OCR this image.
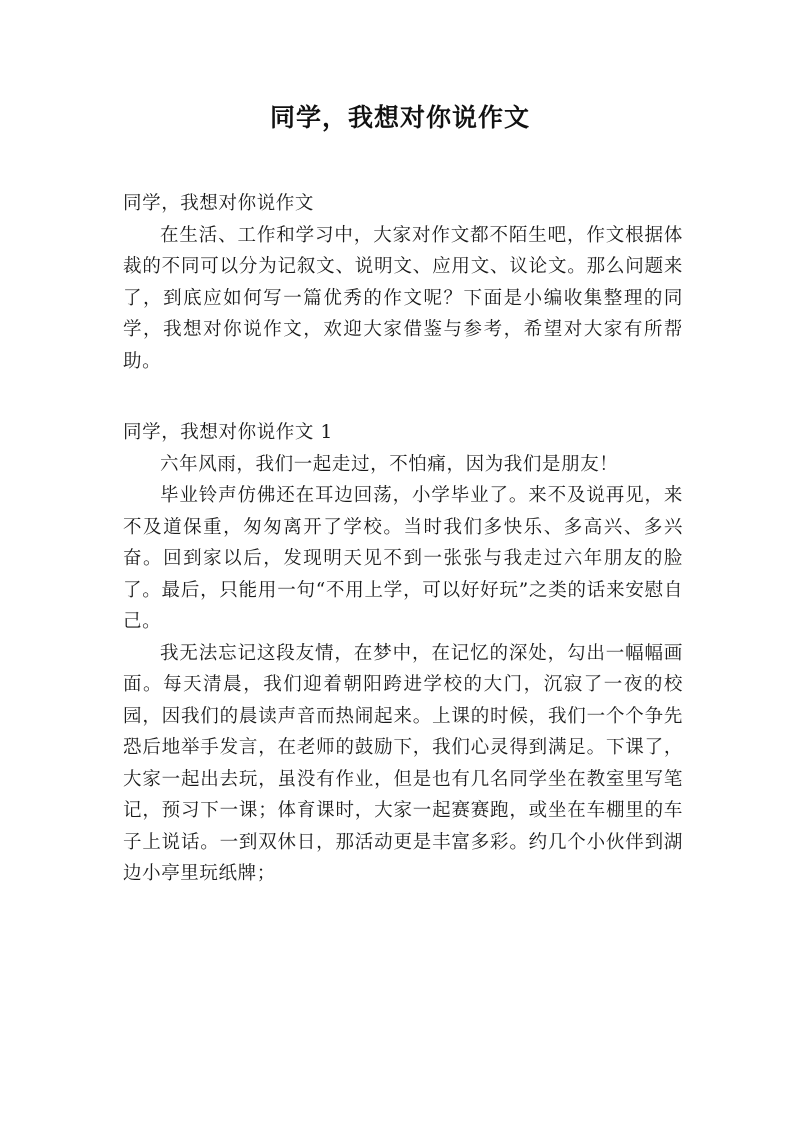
同学，我想对你说作文

同学，我想对你说作文

在生活、工作和学习中，大家对作文都不陌生吧，作文根据体裁的不同可以分为记叙文、说明文、应用文、议论文。那么问题来了，到底应如何写一篇优秀的作文呢？下面是小编收集整理的同学，我想对你说作文，欢迎大家借鉴与参考，希望对大家有所帮助。

同学，我想对你说作文 1

六年风雨，我们一起走过，不怕痛，因为我们是朋友！

毕业铃声仿佛还在耳边回荡，小学毕业了。来不及说再见，来不及道保重，匆匆离开了学校。当时我们多快乐、多高兴、多兴奋。回到家以后，发现明天见不到一张张与我走过六年朋友的脸了。最后，只能用一句“不用上学，可以好好玩”之类的话来安慰自己。

我无法忘记这段友情，在梦中，在记忆的深处，勾出一幅幅画面。每天清晨，我们迎着朝阳跨进学校的大门，沉寂了一夜的校园，因我们的晨读声音而热闹起来。上课的时候，我们一个个争先恐后地举手发言，在老师的鼓励下，我们心灵得到满足。下课了，大家一起出去玩，虽没有作业，但是也有几名同学坐在教室里写笔记，预习下一课；体育课时，大家一起赛赛跑，或坐在车棚里的车子上说话。一到双休日，那活动更是丰富多彩。约几个小伙伴到湖边小亭里玩纸牌；
